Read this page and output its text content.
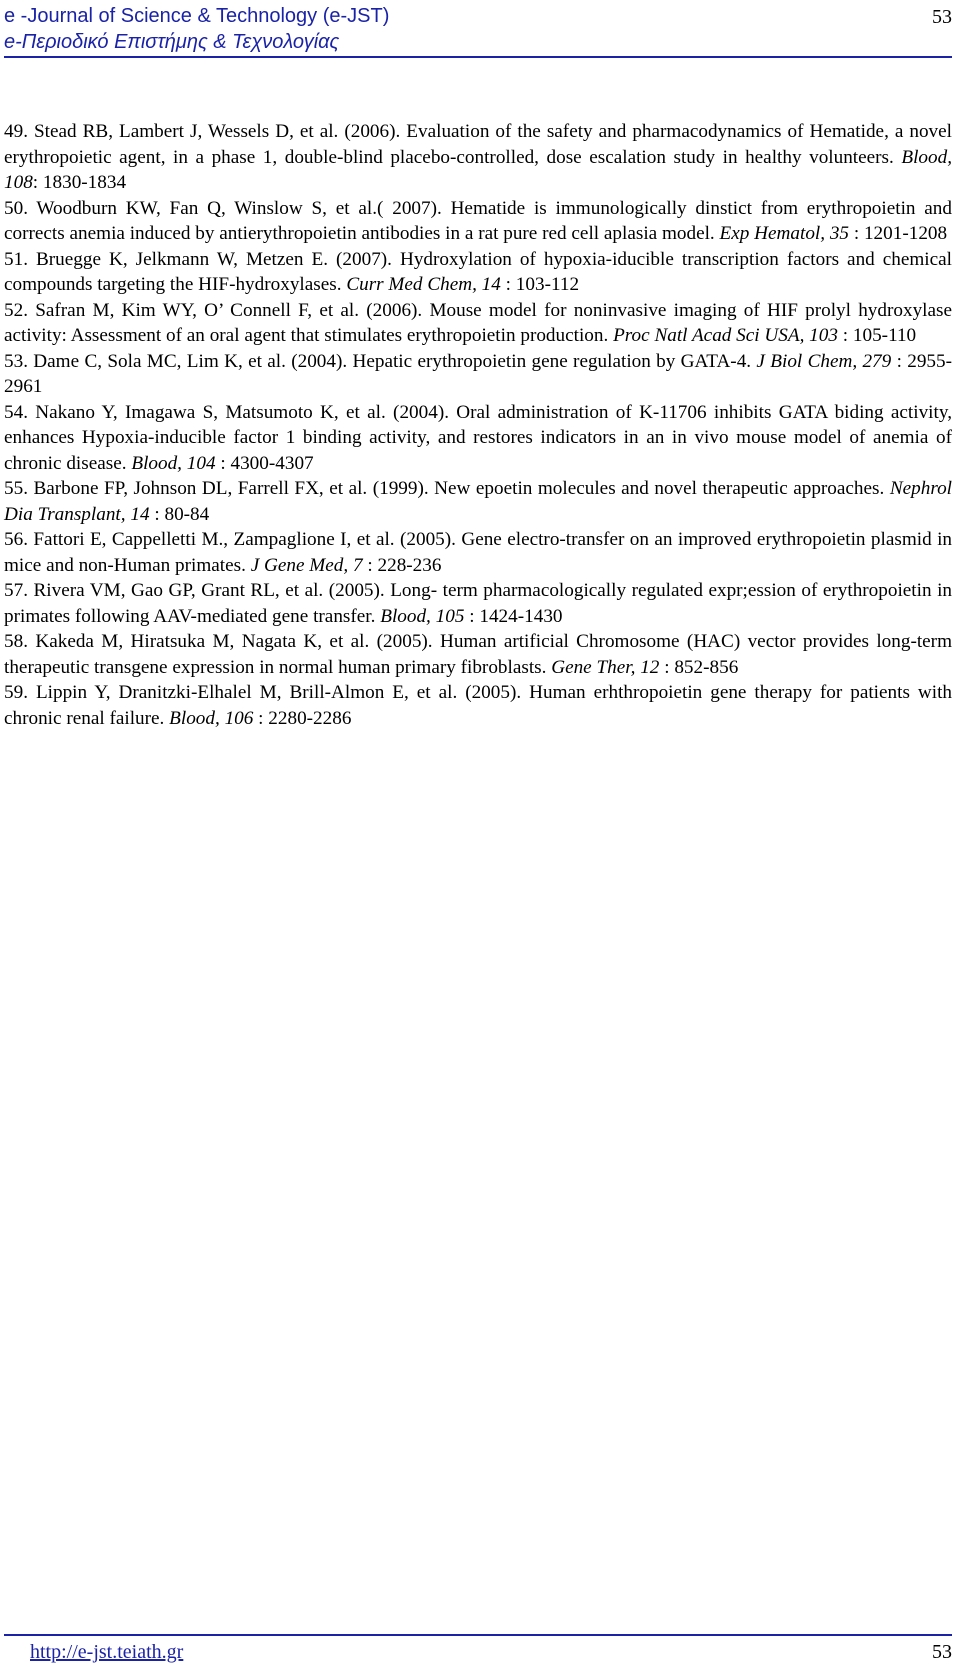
e -Journal of Science & Technology (e-JST)
e-Περιοδικό Επιστήμης & Τεχνολογίας
53

49. Stead RB, Lambert J, Wessels D, et al. (2006). Evaluation of the safety and pharmacodynamics of Hematide, a novel erythropoietic agent, in a phase 1, double-blind placebo-controlled, dose escalation study in healthy volunteers. Blood, 108: 1830-1834

50. Woodburn KW, Fan Q, Winslow S, et al.( 2007). Hematide is immunologically dinstict from erythropoietin and corrects anemia induced by antierythropoietin antibodies in a rat pure red cell aplasia model. Exp Hematol, 35 : 1201-1208

51. Bruegge K, Jelkmann W, Metzen E. (2007). Hydroxylation of hypoxia-iducible transcription factors and chemical compounds targeting the HIF-hydroxylases. Curr Med Chem, 14 : 103-112

52. Safran M, Kim WY, O’ Connell F, et al. (2006). Mouse model for noninvasive imaging of HIF prolyl hydroxylase activity: Assessment of an oral agent that stimulates erythropoietin production. Proc Natl Acad Sci USA, 103 : 105-110

53. Dame C, Sola MC, Lim K, et al. (2004). Hepatic erythropoietin gene regulation by GATA-4. J Biol Chem, 279 : 2955-2961

54. Nakano Y, Imagawa S, Matsumoto K, et al. (2004). Oral administration of K-11706 inhibits GATA biding activity, enhances Hypoxia-inducible factor 1 binding activity, and restores indicators in an in vivo mouse model of anemia of chronic disease. Blood, 104 : 4300-4307

55. Barbone FP, Johnson DL, Farrell FX, et al. (1999). New epoetin molecules and novel therapeutic approaches. Nephrol Dia Transplant, 14 : 80-84

56. Fattori E, Cappelletti M., Zampaglione I, et al. (2005). Gene electro-transfer on an improved erythropoietin plasmid in mice and non-Human primates. J Gene Med, 7 : 228-236

57. Rivera VM, Gao GP, Grant RL, et al. (2005). Long- term pharmacologically regulated expr;ession of erythropoietin in primates following AAV-mediated gene transfer. Blood, 105 : 1424-1430

58. Kakeda M, Hiratsuka M, Nagata K, et al. (2005). Human artificial Chromosome (HAC) vector provides long-term therapeutic transgene expression in normal human primary fibroblasts. Gene Ther, 12 : 852-856

59. Lippin Y, Dranitzki-Elhalel M, Brill-Almon E, et al. (2005). Human erhthropoietin gene therapy for patients with chronic renal failure. Blood, 106 : 2280-2286

http://e-jst.teiath.gr	53
